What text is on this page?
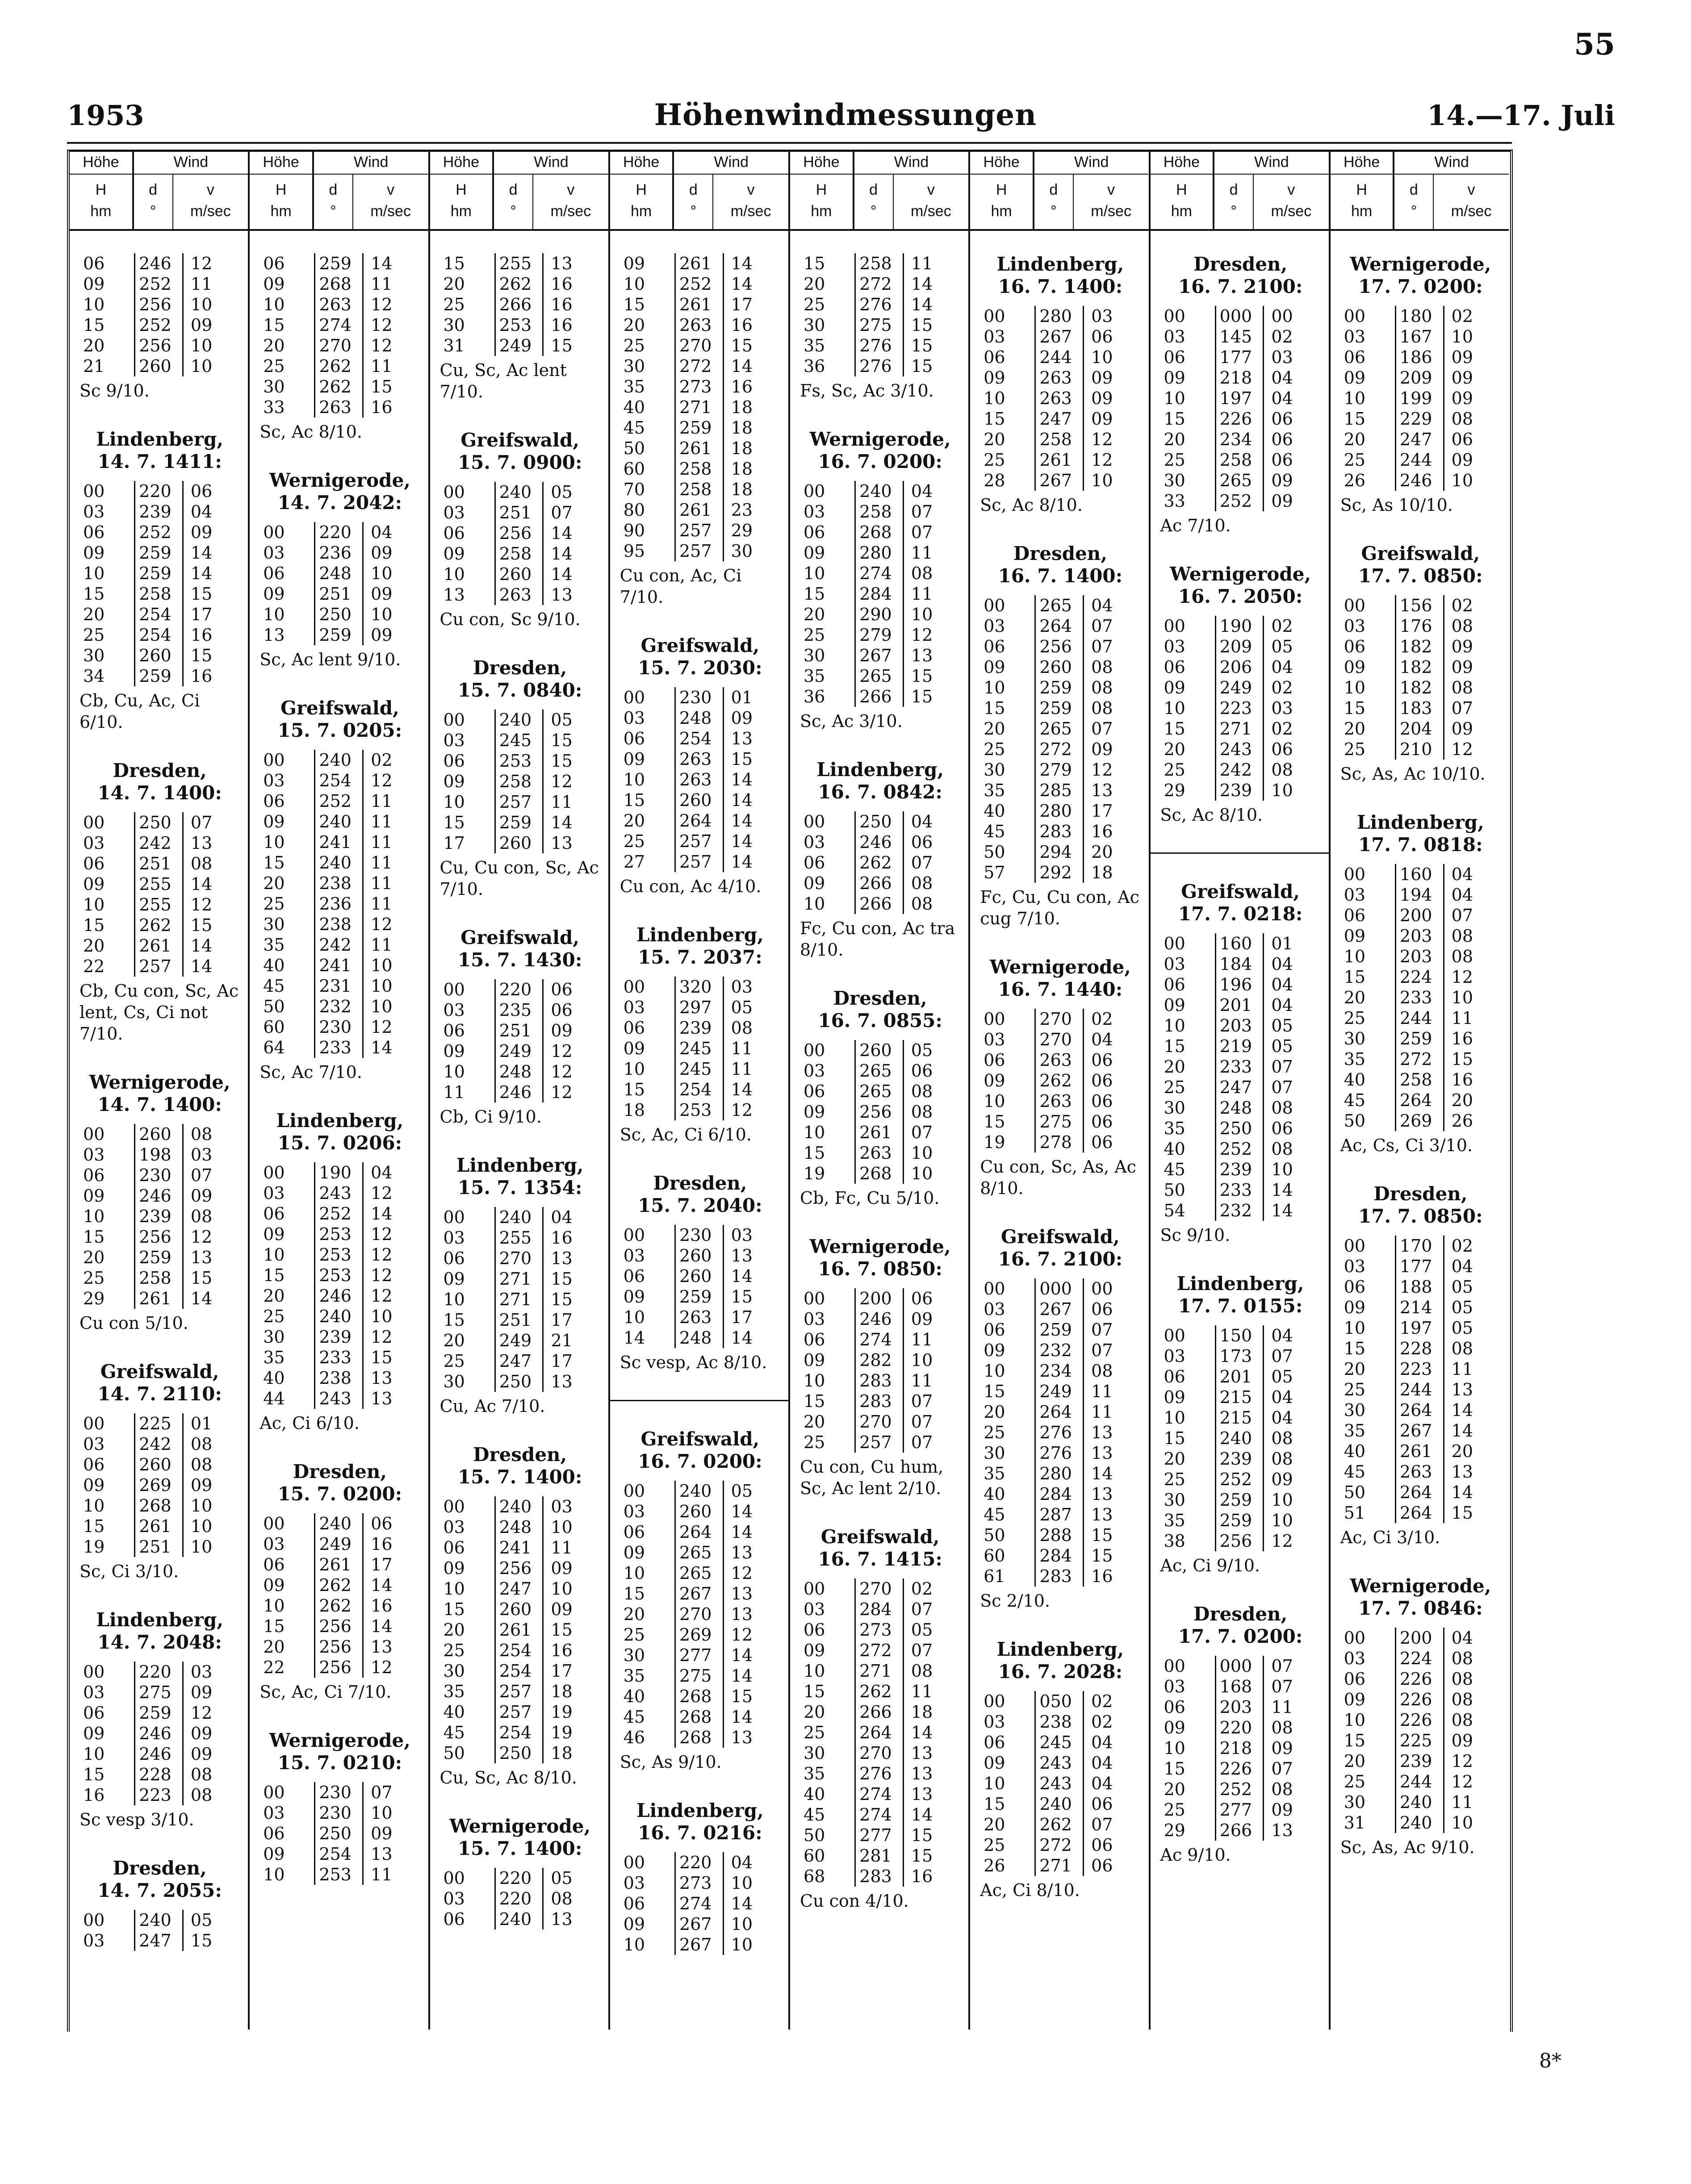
55
1953	Höhenwindmessungen	14.—17. Juli
Höhe	Wind
H
hm
d
°
v
m/sec
06	246	12
09	252	11
10	256	10
15	252	09
20	256	10
21	260	10
Sc 9/10.
Lindenberg,
14. 7. 1411:
00	220	06
03	239	04
06	252	09
09	259	14
10	259	14
15	258	15
20	254	17
25	254	16
30	260	15
34	259	16
Cb, Cu, Ac, Ci 6/10.
Dresden,
14. 7. 1400:
00	250	07
03	242	13
06	251	08
09	255	14
10	255	12
15	262	15
20	261	14
22	257	14
Cb, Cu con, Sc, Ac lent, Cs, Ci not 7/10.
Wernigerode,
14. 7. 1400:
00	260	08
03	198	03
06	230	07
09	246	09
10	239	08
15	256	12
20	259	13
25	258	15
29	261	14
Cu con 5/10.
Greifswald,
14. 7. 2110:
00	225	01
03	242	08
06	260	08
09	269	09
10	268	10
15	261	10
19	251	10
Sc, Ci 3/10.
Lindenberg,
14. 7. 2048:
00	220	03
03	275	09
06	259	12
09	246	09
10	246	09
15	228	08
16	223	08
Sc vesp 3/10.
Dresden,
14. 7. 2055:
00	240	05
03	247	15
Höhe	Wind
H
hm
d
°
v
m/sec
06	259	14
09	268	11
10	263	12
15	274	12
20	270	12
25	262	11
30	262	15
33	263	16
Sc, Ac 8/10.
Wernigerode,
14. 7. 2042:
00	220	04
03	236	09
06	248	10
09	251	09
10	250	10
13	259	09
Sc, Ac lent 9/10.
Greifswald,
15. 7. 0205:
00	240	02
03	254	12
06	252	11
09	240	11
10	241	11
15	240	11
20	238	11
25	236	11
30	238	12
35	242	11
40	241	10
45	231	10
50	232	10
60	230	12
64	233	14
Sc, Ac 7/10.
Lindenberg,
15. 7. 0206:
00	190	04
03	243	12
06	252	14
09	253	12
10	253	12
15	253	12
20	246	12
25	240	10
30	239	12
35	233	15
40	238	13
44	243	13
Ac, Ci 6/10.
Dresden,
15. 7. 0200:
00	240	06
03	249	16
06	261	17
09	262	14
10	262	16
15	256	14
20	256	13
22	256	12
Sc, Ac, Ci 7/10.
Wernigerode,
15. 7. 0210:
00	230	07
03	230	10
06	250	09
09	254	13
10	253	11
Höhe	Wind
H
hm
d
°
v
m/sec
15	255	13
20	262	16
25	266	16
30	253	16
31	249	15
Cu, Sc, Ac lent 7/10.
Greifswald,
15. 7. 0900:
00	240	05
03	251	07
06	256	14
09	258	14
10	260	14
13	263	13
Cu con, Sc 9/10.
Dresden,
15. 7. 0840:
00	240	05
03	245	15
06	253	15
09	258	12
10	257	11
15	259	14
17	260	13
Cu, Cu con, Sc, Ac 7/10.
Greifswald,
15. 7. 1430:
00	220	06
03	235	06
06	251	09
09	249	12
10	248	12
11	246	12
Cb, Ci 9/10.
Lindenberg,
15. 7. 1354:
00	240	04
03	255	16
06	270	13
09	271	15
10	271	15
15	251	17
20	249	21
25	247	17
30	250	13
Cu, Ac 7/10.
Dresden,
15. 7. 1400:
00	240	03
03	248	10
06	241	11
09	256	09
10	247	10
15	260	09
20	261	15
25	254	16
30	254	17
35	257	18
40	257	19
45	254	19
50	250	18
Cu, Sc, Ac 8/10.
Wernigerode,
15. 7. 1400:
00	220	05
03	220	08
06	240	13
Höhe	Wind
H
hm
d
°
v
m/sec
09	261	14
10	252	14
15	261	17
20	263	16
25	270	15
30	272	14
35	273	16
40	271	18
45	259	18
50	261	18
60	258	18
70	258	18
80	261	23
90	257	29
95	257	30
Cu con, Ac, Ci 7/10.
Greifswald,
15. 7. 2030:
00	230	01
03	248	09
06	254	13
09	263	15
10	263	14
15	260	14
20	264	14
25	257	14
27	257	14
Cu con, Ac 4/10.
Lindenberg,
15. 7. 2037:
00	320	03
03	297	05
06	239	08
09	245	11
10	245	11
15	254	14
18	253	12
Sc, Ac, Ci 6/10.
Dresden,
15. 7. 2040:
00	230	03
03	260	13
06	260	14
09	259	15
10	263	17
14	248	14
Sc vesp, Ac 8/10.
Greifswald,
16. 7. 0200:
00	240	05
03	260	14
06	264	14
09	265	13
10	265	12
15	267	13
20	270	13
25	269	12
30	277	14
35	275	14
40	268	15
45	268	14
46	268	13
Sc, As 9/10.
Lindenberg,
16. 7. 0216:
00	220	04
03	273	10
06	274	14
09	267	10
10	267	10
Höhe	Wind
H
hm
d
°
v
m/sec
15	258	11
20	272	14
25	276	14
30	275	15
35	276	15
36	276	15
Fs, Sc, Ac 3/10.
Wernigerode,
16. 7. 0200:
00	240	04
03	258	07
06	268	07
09	280	11
10	274	08
15	284	11
20	290	10
25	279	12
30	267	13
35	265	15
36	266	15
Sc, Ac 3/10.
Lindenberg,
16. 7. 0842:
00	250	04
03	246	06
06	262	07
09	266	08
10	266	08
Fc, Cu con, Ac tra 8/10.
Dresden,
16. 7. 0855:
00	260	05
03	265	06
06	265	08
09	256	08
10	261	07
15	263	10
19	268	10
Cb, Fc, Cu 5/10.
Wernigerode,
16. 7. 0850:
00	200	06
03	246	09
06	274	11
09	282	10
10	283	11
15	283	07
20	270	07
25	257	07
Cu con, Cu hum, Sc, Ac lent 2/10.
Greifswald,
16. 7. 1415:
00	270	02
03	284	07
06	273	05
09	272	07
10	271	08
15	262	11
20	266	18
25	264	14
30	270	13
35	276	13
40	274	13
45	274	14
50	277	15
60	281	15
68	283	16
Cu con 4/10.
Höhe	Wind
H
hm
d
°
v
m/sec
Lindenberg,
16. 7. 1400:
00	280	03
03	267	06
06	244	10
09	263	09
10	263	09
15	247	09
20	258	12
25	261	12
28	267	10
Sc, Ac 8/10.
Dresden,
16. 7. 1400:
00	265	04
03	264	07
06	256	07
09	260	08
10	259	08
15	259	08
20	265	07
25	272	09
30	279	12
35	285	13
40	280	17
45	283	16
50	294	20
57	292	18
Fc, Cu, Cu con, Ac cug 7/10.
Wernigerode,
16. 7. 1440:
00	270	02
03	270	04
06	263	06
09	262	06
10	263	06
15	275	06
19	278	06
Cu con, Sc, As, Ac 8/10.
Greifswald,
16. 7. 2100:
00	000	00
03	267	06
06	259	07
09	232	07
10	234	08
15	249	11
20	264	11
25	276	13
30	276	13
35	280	14
40	284	13
45	287	13
50	288	15
60	284	15
61	283	16
Sc 2/10.
Lindenberg,
16. 7. 2028:
00	050	02
03	238	02
06	245	04
09	243	04
10	243	04
15	240	06
20	262	07
25	272	06
26	271	06
Ac, Ci 8/10.
Höhe	Wind
H
hm
d
°
v
m/sec
Dresden,
16. 7. 2100:
00	000	00
03	145	02
06	177	03
09	218	04
10	197	04
15	226	06
20	234	06
25	258	06
30	265	09
33	252	09
Ac 7/10.
Wernigerode,
16. 7. 2050:
00	190	02
03	209	05
06	206	04
09	249	02
10	223	03
15	271	02
20	243	06
25	242	08
29	239	10
Sc, Ac 8/10.
Greifswald,
17. 7. 0218:
00	160	01
03	184	04
06	196	04
09	201	04
10	203	05
15	219	05
20	233	07
25	247	07
30	248	08
35	250	06
40	252	08
45	239	10
50	233	14
54	232	14
Sc 9/10.
Lindenberg,
17. 7. 0155:
00	150	04
03	173	07
06	201	05
09	215	04
10	215	04
15	240	08
20	239	08
25	252	09
30	259	10
35	259	10
38	256	12
Ac, Ci 9/10.
Dresden,
17. 7. 0200:
00	000	07
03	168	07
06	203	11
09	220	08
10	218	09
15	226	07
20	252	08
25	277	09
29	266	13
Ac 9/10.
Höhe	Wind
H
hm
d
°
v
m/sec
Wernigerode,
17. 7. 0200:
00	180	02
03	167	10
06	186	09
09	209	09
10	199	09
15	229	08
20	247	06
25	244	09
26	246	10
Sc, As 10/10.
Greifswald,
17. 7. 0850:
00	156	02
03	176	08
06	182	09
09	182	09
10	182	08
15	183	07
20	204	09
25	210	12
Sc, As, Ac 10/10.
Lindenberg,
17. 7. 0818:
00	160	04
03	194	04
06	200	07
09	203	08
10	203	08
15	224	12
20	233	10
25	244	11
30	259	16
35	272	15
40	258	16
45	264	20
50	269	26
Ac, Cs, Ci 3/10.
Dresden,
17. 7. 0850:
00	170	02
03	177	04
06	188	05
09	214	05
10	197	05
15	228	08
20	223	11
25	244	13
30	264	14
35	267	14
40	261	20
45	263	13
50	264	14
51	264	15
Ac, Ci 3/10.
Wernigerode,
17. 7. 0846:
00	200	04
03	224	08
06	226	08
09	226	08
10	226	08
15	225	09
20	239	12
25	244	12
30	240	11
31	240	10
Sc, As, Ac 9/10.
8*
